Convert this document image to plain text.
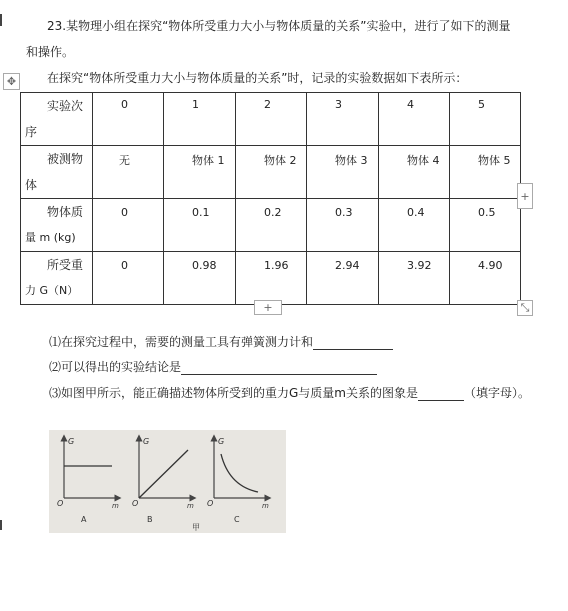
23.某物理小组在探究“物体所受重力大小与物体质量的关系”实验中，进行了如下的测量
和操作。
✥	在探究“物体所受重力大小与物体质量的关系”时，记录的实验数据如下表所示：
实验次
序	0	1	2	3	4	5

被测物
体	无	物体 1	物体 2	物体 3	物体 4	物体 5

物体质
量 m (kg)	0	0.1	0.2	0.3	0.4	0.5

所受重
力 G（N）	0	0.98	1.96	2.94	3.92	4.90
+
+	⤡
⑴在探究过程中，需要的测量工具有弹簧测力计和
⑵可以得出的实验结论是
⑶如图甲所示，能正确描述物体所受到的重力G与质量m关系的图象是	（填字母）。
G
m
O
A
G
m
O
B
G
m
O
C
甲
